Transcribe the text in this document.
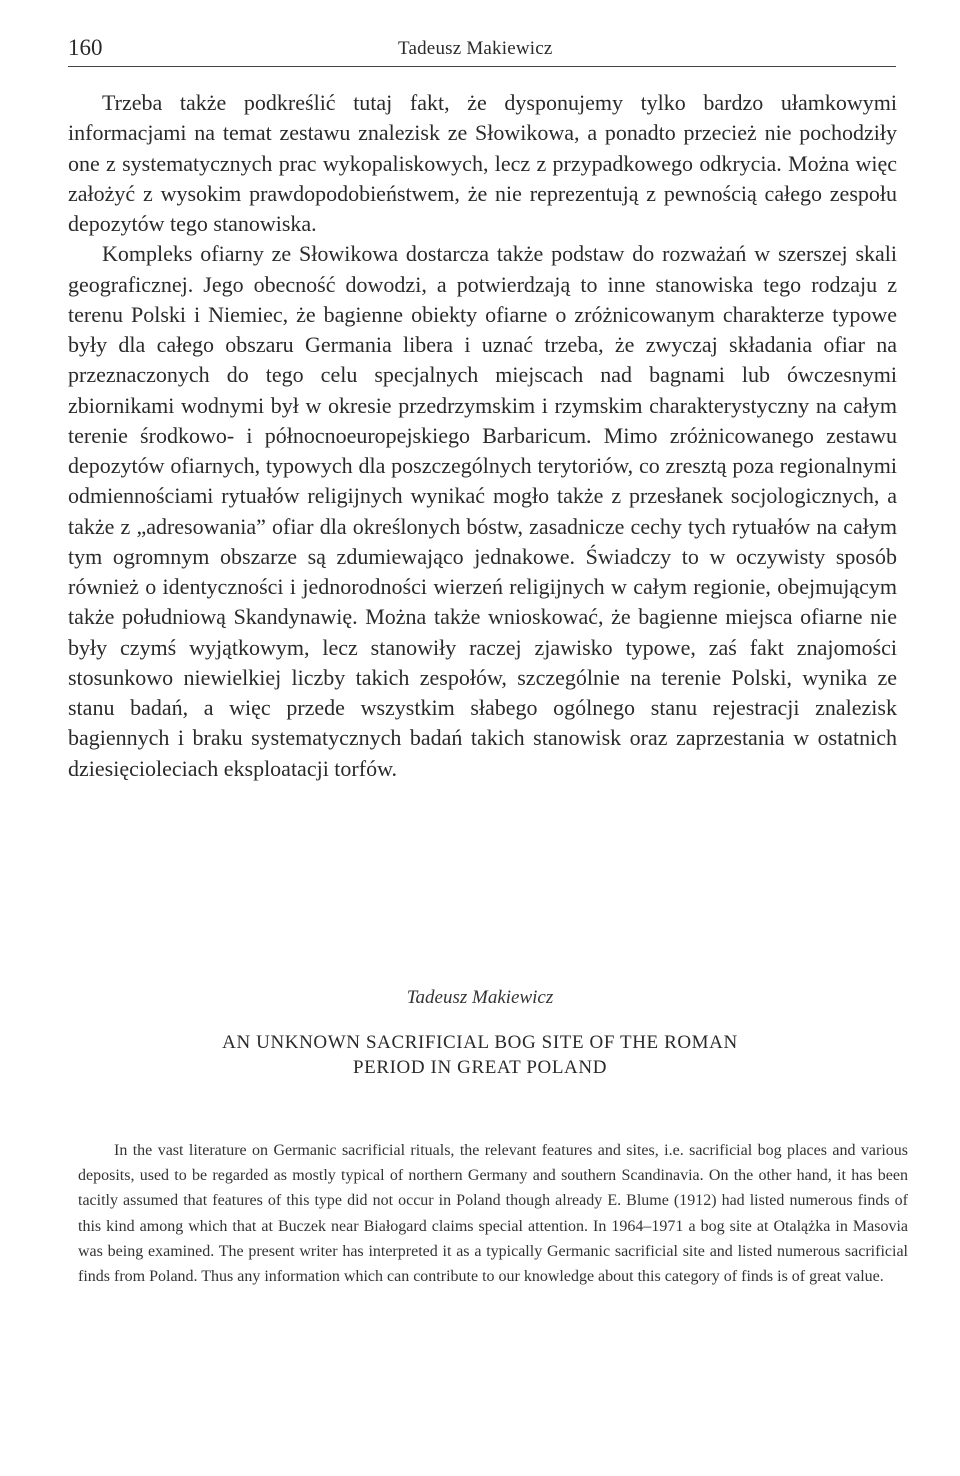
160	Tadeusz Makiewicz

Trzeba także podkreślić tutaj fakt, że dysponujemy tylko bardzo ułamkowymi informacjami na temat zestawu znalezisk ze Słowikowa, a ponadto przecież nie pochodziły one z systematycznych prac wykopaliskowych, lecz z przypadkowego odkrycia. Można więc założyć z wysokim prawdopodobieństwem, że nie reprezentują z pewnością całego zespołu depozytów tego stanowiska.

Kompleks ofiarny ze Słowikowa dostarcza także podstaw do rozważań w szerszej skali geograficznej. Jego obecność dowodzi, a potwierdzają to inne stanowiska tego rodzaju z terenu Polski i Niemiec, że bagienne obiekty ofiarne o zróżnicowanym charakterze typowe były dla całego obszaru Germania libera i uznać trzeba, że zwyczaj składania ofiar na przeznaczonych do tego celu specjalnych miejscach nad bagnami lub ówczesnymi zbiornikami wodnymi był w okresie przedrzymskim i rzymskim charakterystyczny na całym terenie środkowo- i północnoeuropejskiego Barbaricum. Mimo zróżnicowanego zestawu depozytów ofiarnych, typowych dla poszczególnych terytoriów, co zresztą poza regionalnymi odmiennościami rytuałów religijnych wynikać mogło także z przesłanek socjologicznych, a także z „adresowania” ofiar dla określonych bóstw, zasadnicze cechy tych rytuałów na całym tym ogromnym obszarze są zdumiewająco jednakowe. Świadczy to w oczywisty sposób również o identyczności i jednorodności wierzeń religijnych w całym regionie, obejmującym także południową Skandynawię. Można także wnioskować, że bagienne miejsca ofiarne nie były czymś wyjątkowym, lecz stanowiły raczej zjawisko typowe, zaś fakt znajomości stosunkowo niewielkiej liczby takich zespołów, szczególnie na terenie Polski, wynika ze stanu badań, a więc przede wszystkim słabego ogólnego stanu rejestracji znalezisk bagiennych i braku systematycznych badań takich stanowisk oraz zaprzestania w ostatnich dziesięcioleciach eksploatacji torfów.

Tadeusz Makiewicz
AN UNKNOWN SACRIFICIAL BOG SITE OF THE ROMAN
PERIOD IN GREAT POLAND

In the vast literature on Germanic sacrificial rituals, the relevant features and sites, i.e. sacrificial bog places and various deposits, used to be regarded as mostly typical of northern Germany and southern Scandinavia. On the other hand, it has been tacitly assumed that features of this type did not occur in Poland though already E. Blume (1912) had listed numerous finds of this kind among which that at Buczek near Białogard claims special attention. In 1964–1971 a bog site at Otalążka in Masovia was being examined. The present writer has interpreted it as a typically Germanic sacrificial site and listed numerous sacrificial finds from Poland. Thus any information which can contribute to our knowledge about this category of finds is of great value.
